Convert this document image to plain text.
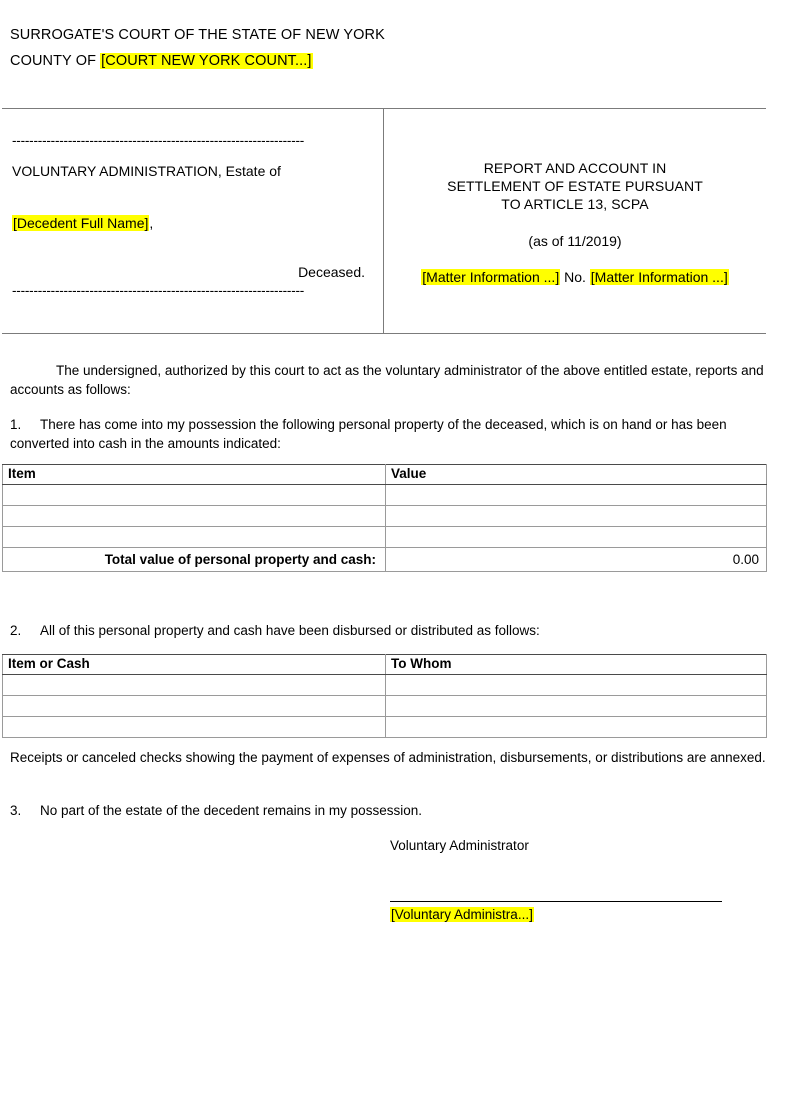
SURROGATE'S COURT OF THE STATE OF NEW YORK
COUNTY OF [COURT NEW YORK COUNT...]
--------------------------------------------------------------------
VOLUNTARY ADMINISTRATION, Estate of
[Decedent Full Name],
Deceased.
--------------------------------------------------------------------
REPORT AND ACCOUNT IN
SETTLEMENT OF ESTATE PURSUANT
TO ARTICLE 13, SCPA
(as of 11/2019)
[Matter Information ...] No. [Matter Information ...]
The undersigned, authorized by this court to act as the voluntary administrator of the above entitled estate, reports and accounts as follows:
1. There has come into my possession the following personal property of the deceased, which is on hand or has been converted into cash in the amounts indicated:
Item	Value

Total value of personal property and cash:	0.00
2. All of this personal property and cash have been disbursed or distributed as follows:
Item or Cash	To Whom

Receipts or canceled checks showing the payment of expenses of administration, disbursements, or distributions are annexed.
3. No part of the estate of the decedent remains in my possession.
Voluntary Administrator
[Voluntary Administra...]
